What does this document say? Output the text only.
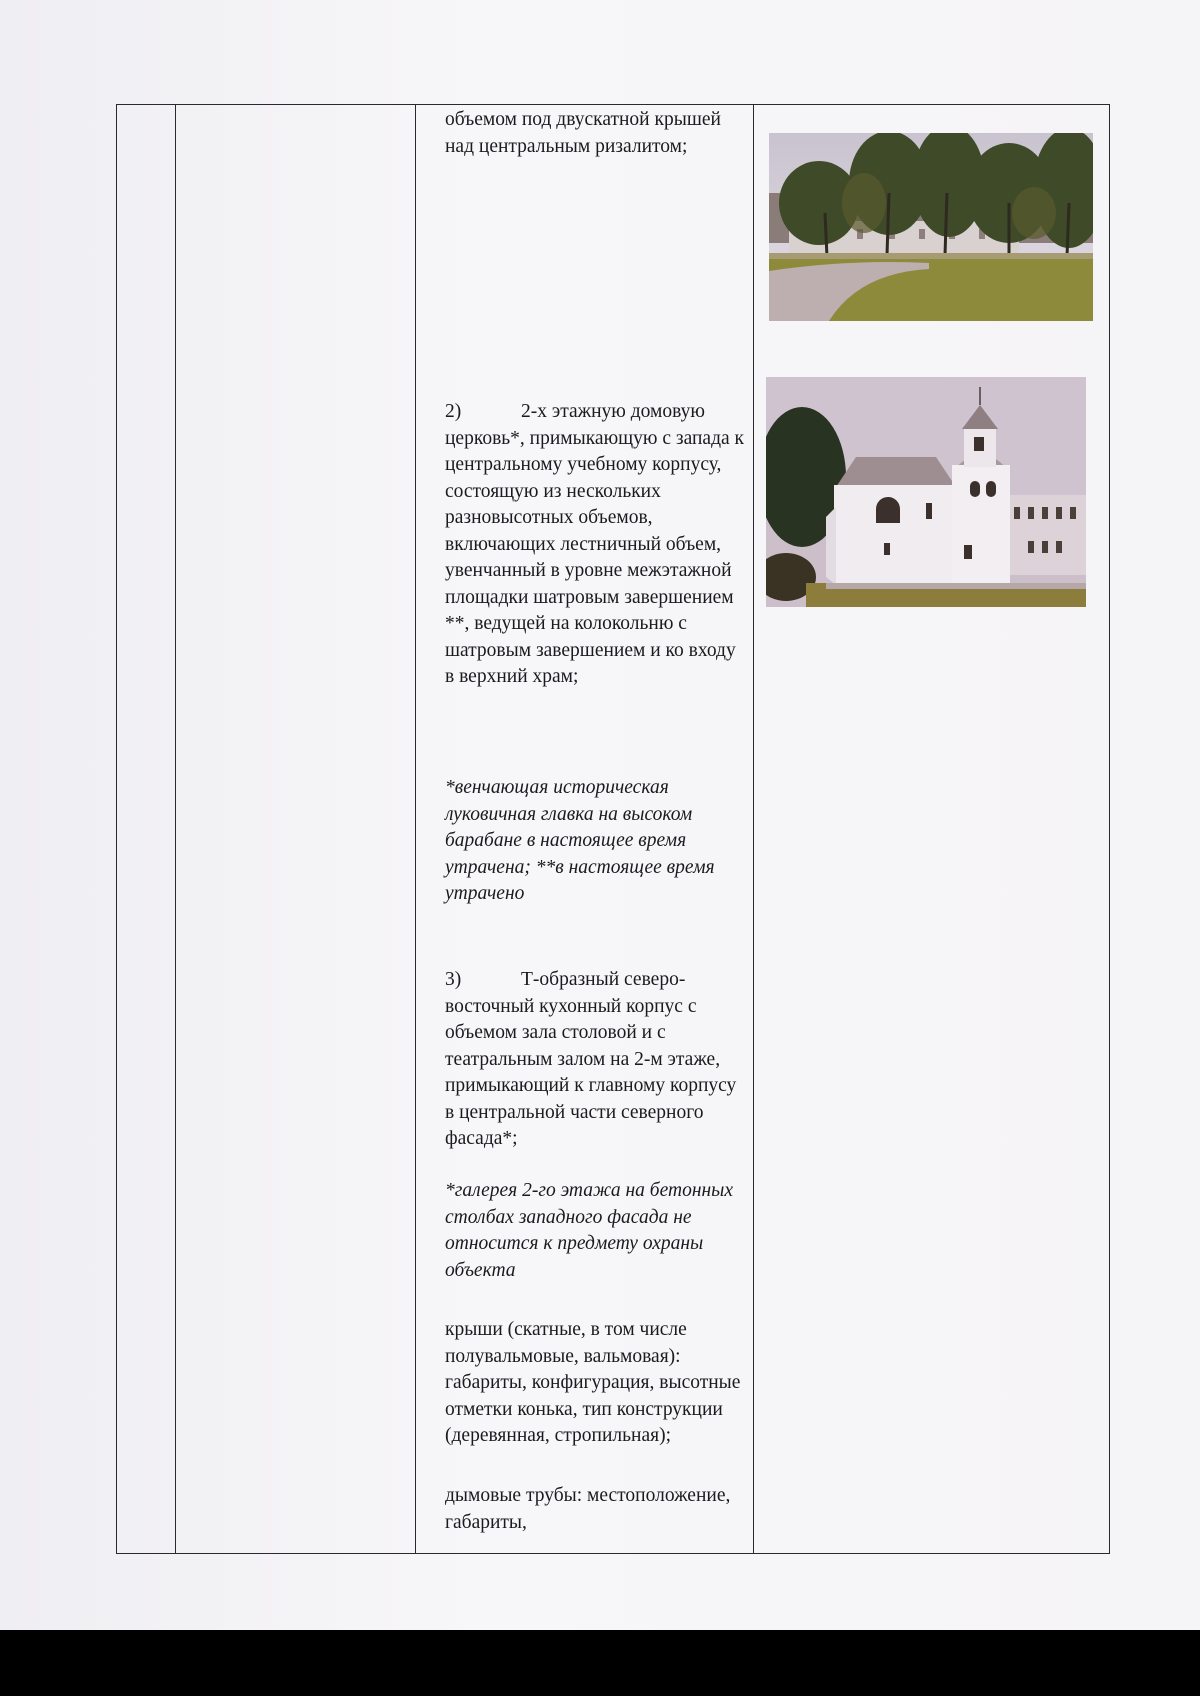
объемом под двускатной крышей над центральным ризалитом;

2)	2-х этажную домовую церковь*, примыкающую с запада к центральному учебному корпусу, состоящую из нескольких разновысотных объемов, включающих лестничный объем, увенчанный в уровне межэтажной площадки шатровым завершением **, ведущей на колокольню с шатровым завершением и ко входу в верхний храм;

*венчающая историческая луковичная главка на высоком барабане в настоящее время утрачена; **в настоящее время утрачено

3)	Т-образный северо-восточный кухонный корпус с объемом зала столовой и с театральным залом на 2-м этаже, примыкающий к главному корпусу в центральной части северного фасада*;

*галерея 2-го этажа на бетонных столбах западного фасада не относится к предмету охраны объекта

крыши (скатные, в том числе полувальмовые, вальмовая): габариты, конфигурация, высотные отметки конька, тип конструкции (деревянная, стропильная);

дымовые трубы: местоположение, габариты,
